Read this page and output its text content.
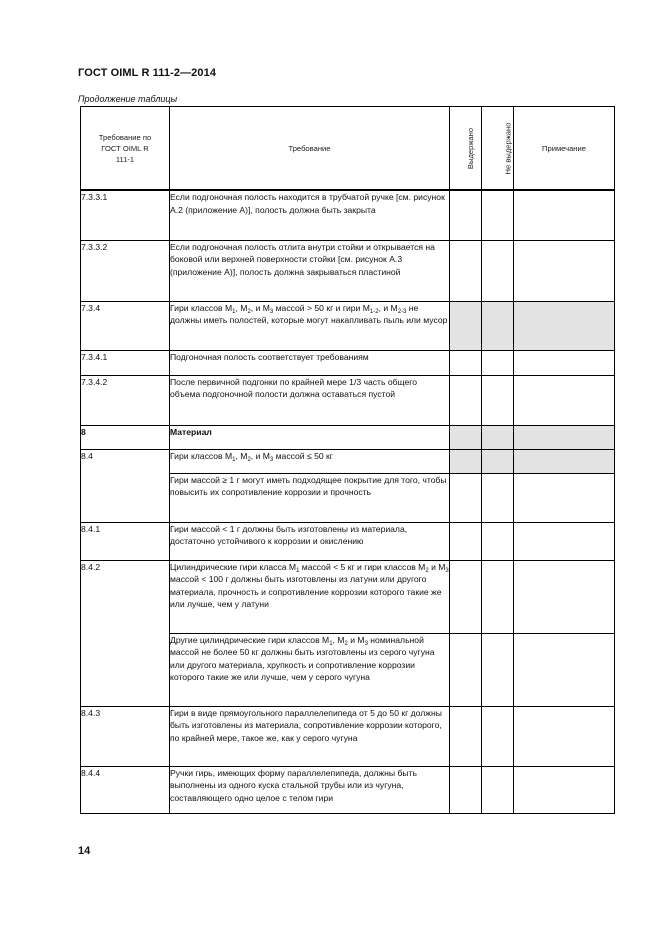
ГОСТ OIML R 111-2—2014
Продолжение таблицы
Требование по ГОСТ OIML R 111-1	Требование	Выдержано	Не выдержано	Примечание
7.3.3.1	Если подгоночная полость находится в трубчатой ручке [см. рисунок А.2 (приложение А)], полость должна быть закрыта			
7.3.3.2	Если подгоночная полость отлита внутри стойки и открывается на боковой или верхней поверхности стойки [см. рисунок А.3 (приложение А)], полость должна закрываться пластиной			
7.3.4	Гири классов $M_1$, $M_2$, и $M_3$ массой > 50 кг и гири $M_{1-2}$, и $M_{2-3}$ не должны иметь полостей, которые могут накапливать пыль или мусор			
7.3.4.1	Подгоночная полость соответствует требованиям			
7.3.4.2	После первичной подгонки по крайней мере 1/3 часть общего объема подгоночной полости должна оставаться пустой			
8	Материал			
8.4	Гири классов $M_1$, $M_2$, и $M_3$ массой ≤ 50 кг			
	Гири массой ≥ 1 г могут иметь подходящее покрытие для того, чтобы повысить их сопротивление коррозии и прочность			
8.4.1	Гири массой < 1 г должны быть изготовлены из материала, достаточно устойчивого к коррозии и окислению			
8.4.2	Цилиндрические гири класса $M_1$ массой < 5 кг и гири классов $M_2$ и $M_3$ массой < 100 г должны быть изготовлены из латуни или другого материала, прочность и сопротивление коррозии которого такие же или лучше, чем у латуни			
	Другие цилиндрические гири классов $M_1$, $M_2$ и $M_3$ номинальной массой не более 50 кг должны быть изготовлены из серого чугуна или другого материала, хрупкость и сопротивление коррозии которого такие же или лучше, чем у серого чугуна			
8.4.3	Гири в виде прямоугольного параллелепипеда от 5 до 50 кг должны быть изготовлены из материала, сопротивление коррозии которого, по крайней мере, такое же, как у серого чугуна			
8.4.4	Ручки гирь, имеющих форму параллелепипеда, должны быть выполнены из одного куска стальной трубы или из чугуна, составляющего одно целое с телом гири			
14
